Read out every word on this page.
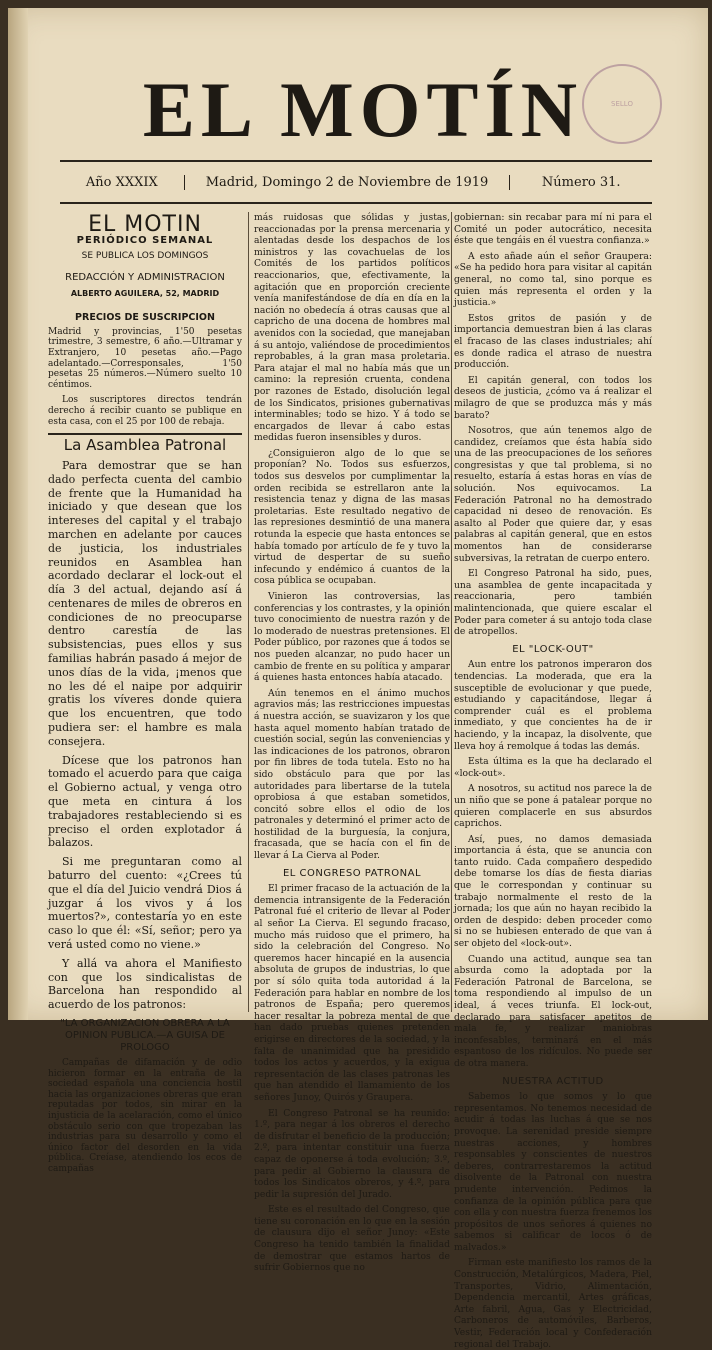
EL MOTÍN	SELLO
Año XXXIX	Madrid, Domingo 2 de Noviembre de 1919	Número 31.
EL MOTIN
PERIÓDICO SEMANAL
SE PUBLICA LOS DOMINGOS
REDACCIÓN Y ADMINISTRACION
ALBERTO AGUILERA, 52, MADRID
PRECIOS DE SUSCRIPCION

Madrid y provincias, 1'50 pesetas trimestre, 3 semestre, 6 año.—Ultramar y Extranjero, 10 pesetas año.—Pago adelantado.—Corresponsales, 1'50 pesetas 25 números.—Número suelto 10 céntimos.

Los suscriptores directos tendrán derecho á recibir cuanto se publique en esta casa, con el 25 por 100 de rebaja.

La Asamblea Patronal

Para demostrar que se han dado perfecta cuenta del cambio de frente que la Humanidad ha iniciado y que desean que los intereses del capital y el trabajo marchen en adelante por cauces de justicia, los industriales reunidos en Asamblea han acordado declarar el lock-out el día 3 del actual, dejando así á centenares de miles de obreros en condiciones de no preocuparse dentro carestía de las subsistencias, pues ellos y sus familias habrán pasado á mejor de unos días de la vida, ¡menos que no les dé el naipe por adquirir gratis los víveres donde quiera que los encuentren, que todo pudiera ser: el hambre es mala consejera.

Dícese que los patronos han tomado el acuerdo para que caiga el Gobierno actual, y venga otro que meta en cintura á los trabajadores restableciendo si es preciso el orden explotador á balazos.

Si me preguntaran como al baturro del cuento: «¿Crees tú que el día del Juicio vendrá Dios á juzgar á los vivos y á los muertos?», contestaría yo en este caso lo que él: «Sí, señor; pero ya verá usted como no viene.»

Y allá va ahora el Manifiesto con que los sindicalistas de Barcelona han respondido al acuerdo de los patronos:

"LA ORGANIZACION OBRERA A LA OPINION PUBLICA.—A GUISA DE PROLOGO

Campañas de difamación y de odio hicieron formar en la entraña de la sociedad española una conciencia hostil hacia las organizaciones obreras que eran reputadas por todos, sin mirar en la injusticia de la acelaración, como el único obstáculo serio con que tropezaban las industrias para su desarrollo y como el único factor del desorden en la vida pública. Creíase, atendiendo los ecos de campañas

más ruidosas que sólidas y justas, reaccionadas por la prensa mercenaria y alentadas desde los despachos de los ministros y las covachuelas de los Comités de los partidos políticos reaccionarios, que, efectivamente, la agitación que en proporción creciente venía manifestándose de día en día en la nación no obedecía á otras causas que al capricho de una docena de hombres mal avenidos con la sociedad, que manejaban á su antojo, valiéndose de procedimientos reprobables, á la gran masa proletaria. Para atajar el mal no había más que un camino: la represión cruenta, condena por razones de Estado, disolución legal de los Sindicatos, prisiones gubernativas interminables; todo se hizo. Y á todo se encargados de llevar á cabo estas medidas fueron insensibles y duros.

¿Consiguieron algo de lo que se proponían? No. Todos sus esfuerzos, todos sus desvelos por cumplimentar la orden recibida se estrellaron ante la resistencia tenaz y digna de las masas proletarias. Este resultado negativo de las represiones desmintió de una manera rotunda la especie que hasta entonces se había tomado por artículo de fe y tuvo la virtud de despertar de su sueño infecundo y endémico á cuantos de la cosa pública se ocupaban.

Vinieron las controversias, las conferencias y los contrastes, y la opinión tuvo conocimiento de nuestra razón y de lo moderado de nuestras pretensiones. El Poder público, por razones que á todos se nos pueden alcanzar, no pudo hacer un cambio de frente en su política y amparar á quienes hasta entonces había atacado.

Aún tenemos en el ánimo muchos agravios más; las restricciones impuestas á nuestra acción, se suavizaron y los que hasta aquel momento habían tratado de cuestión social, según las conveniencias y las indicaciones de los patronos, obraron por fin libres de toda tutela. Esto no ha sido obstáculo para que por las autoridades para libertarse de la tutela oprobiosa á que estaban sometidos, concitó sobre ellos el odio de los patronales y determinó el primer acto de hostilidad de la burguesía, la conjura, fracasada, que se hacía con el fin de llevar á La Cierva al Poder.

EL CONGRESO PATRONAL

El primer fracaso de la actuación de la demencia intransigente de la Federación Patronal fué el criterio de llevar al Poder al señor La Cierva. El segundo fracaso, mucho más ruidoso que el primero, ha sido la celebración del Congreso. No queremos hacer hincapié en la ausencia absoluta de grupos de industrias, lo que por sí sólo quita toda autoridad á la Federación para hablar en nombre de los patronos de España; pero queremos hacer resaltar la pobreza mental de que han dado pruebas quienes pretenden erigirse en directores de la sociedad, y la falta de unanimidad que ha presidido todos los actos y acuerdos, y la exigua representación de las clases patronas les que han atendido el llamamiento de los señores Junoy, Quirós y Graupera.

El Congreso Patronal se ha reunido: 1.º, para negar á los obreros el derecho de disfrutar el beneficio de la producción; 2.º, para intentar constituir una fuerza capaz de oponerse á toda evolución; 3.º, para pedir al Gobierno la clausura de todos los Sindicatos obreros, y 4.º, para pedir la supresión del Jurado.

Este es el resultado del Congreso, que tiene su coronación en lo que en la sesión de clausura dijo el señor Junoy: «Este Congreso ha tenido también la finalidad de demostrar que estamos hartos de sufrir Gobiernos que no

gobiernan: sin recabar para mí ni para el Comité un poder autocrático, necesita éste que tengáis en él vuestra confianza.»

A esto añade aún el señor Graupera: «Se ha pedido hora para visitar al capitán general, no como tal, sino porque es quien más representa el orden y la justicia.»

Estos gritos de pasión y de importancia demuestran bien á las claras el fracaso de las clases industriales; ahí es donde radica el atraso de nuestra producción.

El capitán general, con todos los deseos de justicia, ¿cómo va á realizar el milagro de que se produzca más y más barato?

Nosotros, que aún tenemos algo de candidez, creíamos que ésta había sido una de las preocupaciones de los señores congresistas y que tal problema, si no resuelto, estaría á estas horas en vías de solución. Nos equivocamos. La Federación Patronal no ha demostrado capacidad ni deseo de renovación. Es asalto al Poder que quiere dar, y esas palabras al capitán general, que en estos momentos han de considerarse subversivas, la retratan de cuerpo entero.

El Congreso Patronal ha sido, pues, una asamblea de gente incapacitada y reaccionaria, pero también malintencionada, que quiere escalar el Poder para cometer á su antojo toda clase de atropellos.

EL "LOCK-OUT"

Aun entre los patronos imperaron dos tendencias. La moderada, que era la susceptible de evolucionar y que puede, estudiando y capacitándose, llegar á comprender cuál es el problema inmediato, y que concientes ha de ir haciendo, y la incapaz, la disolvente, que lleva hoy á remolque á todas las demás.

Esta última es la que ha declarado el «lock-out».

A nosotros, su actitud nos parece la de un niño que se pone á patalear porque no quieren complacerle en sus absurdos caprichos.

Así, pues, no damos demasiada importancia á ésta, que se anuncia con tanto ruido. Cada compañero despedido debe tomarse los días de fiesta diarias que le correspondan y continuar su trabajo normalmente el resto de la jornada; los que aún no hayan recibido la orden de despido: deben proceder como si no se hubiesen enterado de que van á ser objeto del «lock-out».

Cuando una actitud, aunque sea tan absurda como la adoptada por la Federación Patronal de Barcelona, se toma respondiendo al impulso de un ideal, á veces triunfa. El lock-out, declarado para satisfacer apetitos de mala fe, y realizar maniobras inconfesables, terminará en el más espantoso de los ridículos. No puede ser de otra manera.

NUESTRA ACTITUD

Sabemos lo que somos y lo que representamos. No tenemos necesidad de acudir á todas las luchas á que se nos provoque. La serenidad preside siempre nuestras acciones, y hombres responsables y conscientes de nuestros deberes, contrarrestaremos la actitud disolvente de la Patronal con nuestra prudente intervención. Pedimos la confianza de la opinión pública para que con ella y con nuestra fuerza frenemos los propósitos de unos señores á quienes no sabemos si calificar de locos ó de malvados.»

Firman este manifiesto los ramos de la Construcción, Metalúrgicos, Madera, Piel, Transportes, Vidrio, Alimentación, Dependencia mercantil, Artes gráficas, Arte fabril, Agua, Gas y Electricidad, Carboneros de automóviles, Barberos, Vestir, Federación local y Confederación regional del Trabajo.
